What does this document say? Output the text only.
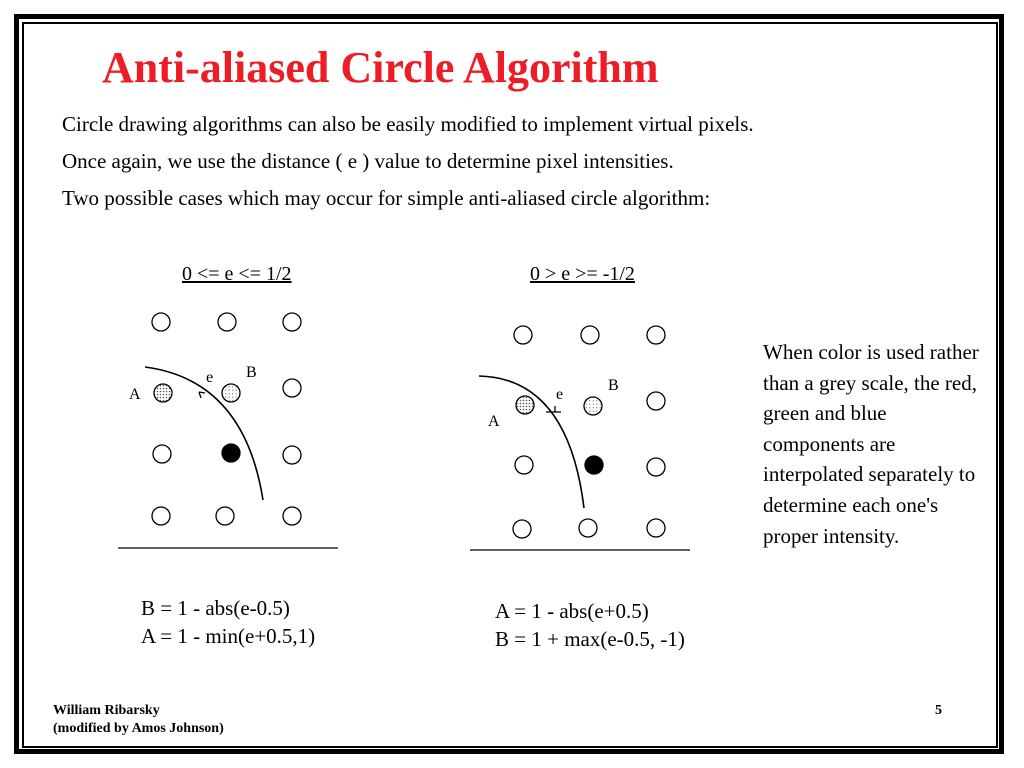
Anti-aliased Circle Algorithm
Circle drawing algorithms can also be easily modified to implement virtual pixels.
Once again, we use the distance ( e ) value to determine pixel intensities.
Two possible cases which may occur for simple anti-aliased circle algorithm:
0 <= e <= 1/2	0 > e >= -1/2
A
B
e
A
B
e
B = 1 - abs(e-0.5)
A = 1 - min(e+0.5,1)
A = 1 - abs(e+0.5)
B = 1 + max(e-0.5, -1)
When color is used rather than a grey scale, the red, green and blue components are interpolated separately to determine each one's proper intensity.
William Ribarsky
(modified by Amos Johnson)
5
